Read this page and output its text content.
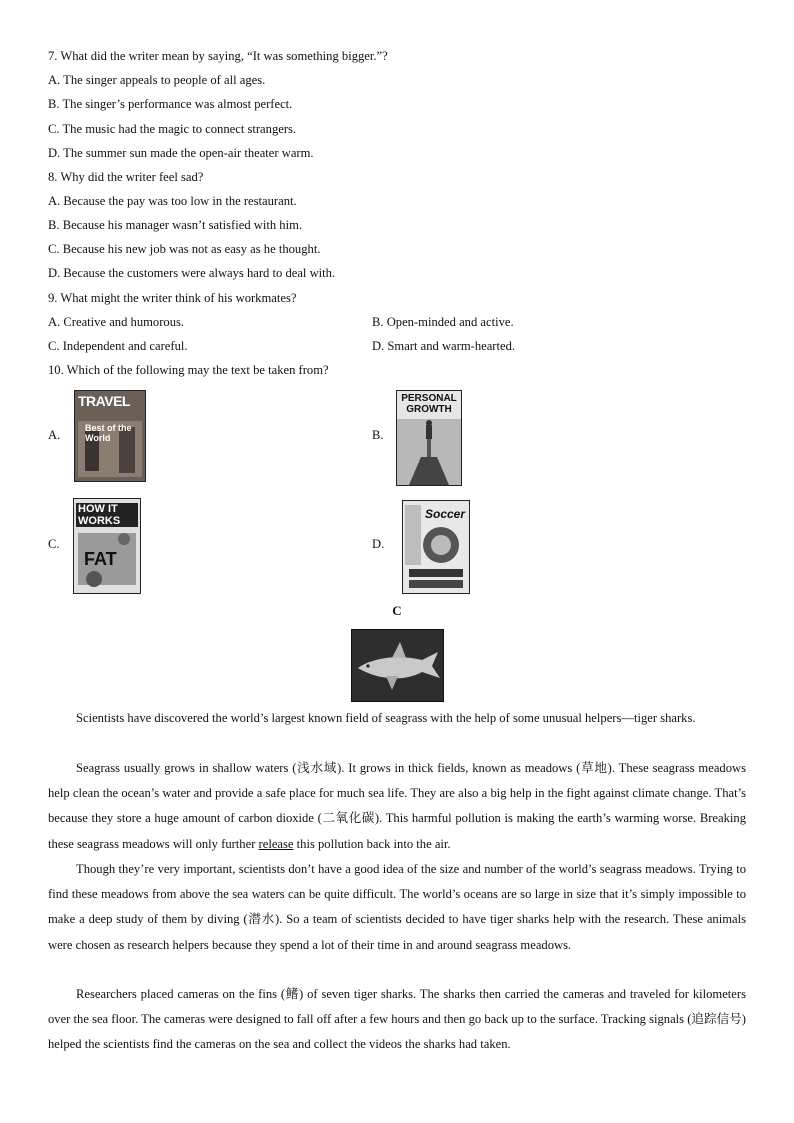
7. What did the writer mean by saying, “It was something bigger.”?
A. The singer appeals to people of all ages.
B. The singer’s performance was almost perfect.
C. The music had the magic to connect strangers.
D. The summer sun made the open-air theater warm.
8. Why did the writer feel sad?
A. Because the pay was too low in the restaurant.
B. Because his manager wasn’t satisfied with him.
C. Because his new job was not as easy as he thought.
D. Because the customers were always hard to deal with.
9. What might the writer think of his workmates?
A. Creative and humorous.	B. Open-minded and active.
C. Independent and careful.	D. Smart and warm-hearted.
10. Which of the following may the text be taken from?
A.	B.
C.	D.
TRAVEL
Best of the World
PERSONAL
GROWTH
HOW IT
WORKS
FAT
Soccer
C
Scientists have discovered the world’s largest known field of seagrass with the help of some unusual helpers—tiger sharks.
Seagrass usually grows in shallow waters (浅水域). It grows in thick fields, known as meadows (草地). These seagrass meadows help clean the ocean’s water and provide a safe place for much sea life. They are also a big help in the fight against climate change. That’s because they store a huge amount of carbon dioxide (二氧化碳). This harmful pollution is making the earth’s warming worse. Breaking these seagrass meadows will only further release this pollution back into the air.
Though they’re very important, scientists don’t have a good idea of the size and number of the world’s seagrass meadows. Trying to find these meadows from above the sea waters can be quite difficult. The world’s oceans are so large in size that it’s simply impossible to make a deep study of them by diving (潜水). So a team of scientists decided to have tiger sharks help with the research. These animals were chosen as research helpers because they spend a lot of their time in and around seagrass meadows.
Researchers placed cameras on the fins (鳍) of seven tiger sharks. The sharks then carried the cameras and traveled for kilometers over the sea floor. The cameras were designed to fall off after a few hours and then go back up to the surface. Tracking signals (追踪信号) helped the scientists find the cameras on the sea and collect the videos the sharks had taken.
